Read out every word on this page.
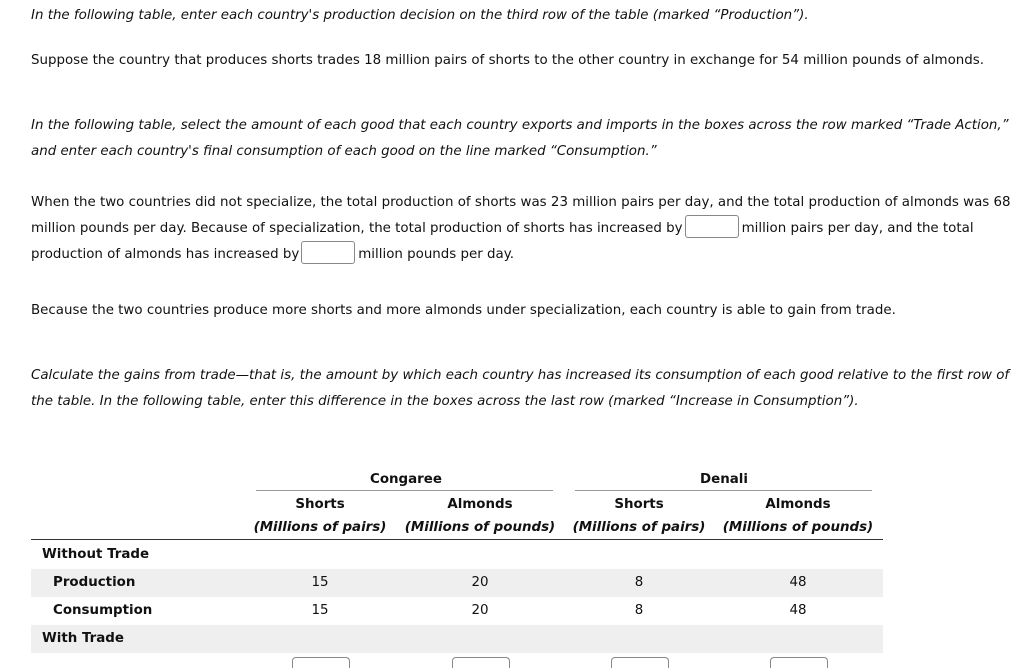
In the following table, enter each country's production decision on the third row of the table (marked “Production”).

Suppose the country that produces shorts trades 18 million pairs of shorts to the other country in exchange for 54 million pounds of almonds.

In the following table, select the amount of each good that each country exports and imports in the boxes across the row marked “Trade Action,” and enter each country's final consumption of each good on the line marked “Consumption.”

When the two countries did not specialize, the total production of shorts was 23 million pairs per day, and the total production of almonds was 68 million pounds per day. Because of specialization, the total production of shorts has increased by	million pairs per day, and the total production of almonds has increased by	million pounds per day.

Because the two countries produce more shorts and more almonds under specialization, each country is able to gain from trade.

Calculate the gains from trade—that is, the amount by which each country has increased its consumption of each good relative to the first row of the table. In the following table, enter this difference in the boxes across the last row (marked “Increase in Consumption”).

Congaree	Denali
Shorts	Almonds	Shorts	Almonds
(Millions of pairs)	(Millions of pounds)	(Millions of pairs)	(Millions of pounds)
Without Trade
Production	15	20	8	48
Consumption	15	20	8	48
With Trade
